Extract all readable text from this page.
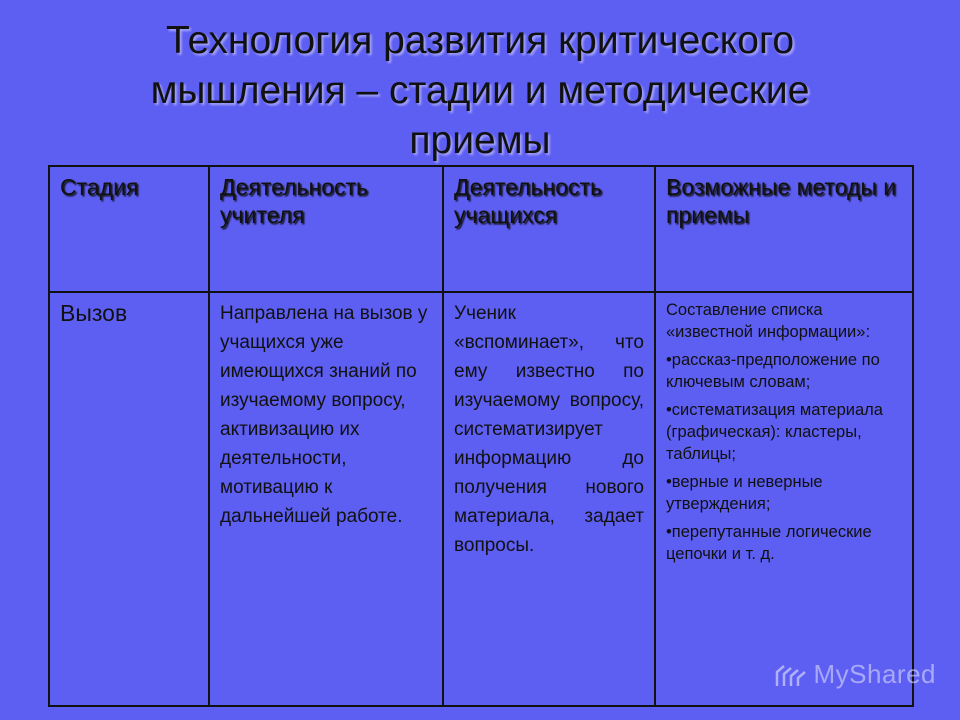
Технология развития критического
мышления – стадии и методические
приемы
Стадия	Деятельность учителя	Деятельность учащихся	Возможные методы и приемы
Вызов	Направлена на вызов у учащихся уже имеющихся знаний по изучаемому вопросу, активизацию их деятельности, мотивацию к дальнейшей работе.	Ученик «вспоминает», что ему известно по изучаемому вопросу, систематизирует информацию до получения нового материала, задает вопросы.	Составление списка «известной информации»:
•рассказ-предположение по ключевым словам;
•систематизация материала (графическая): кластеры, таблицы;
•верные и неверные утверждения;
•перепутанные логические цепочки и т. д.
MyShared
